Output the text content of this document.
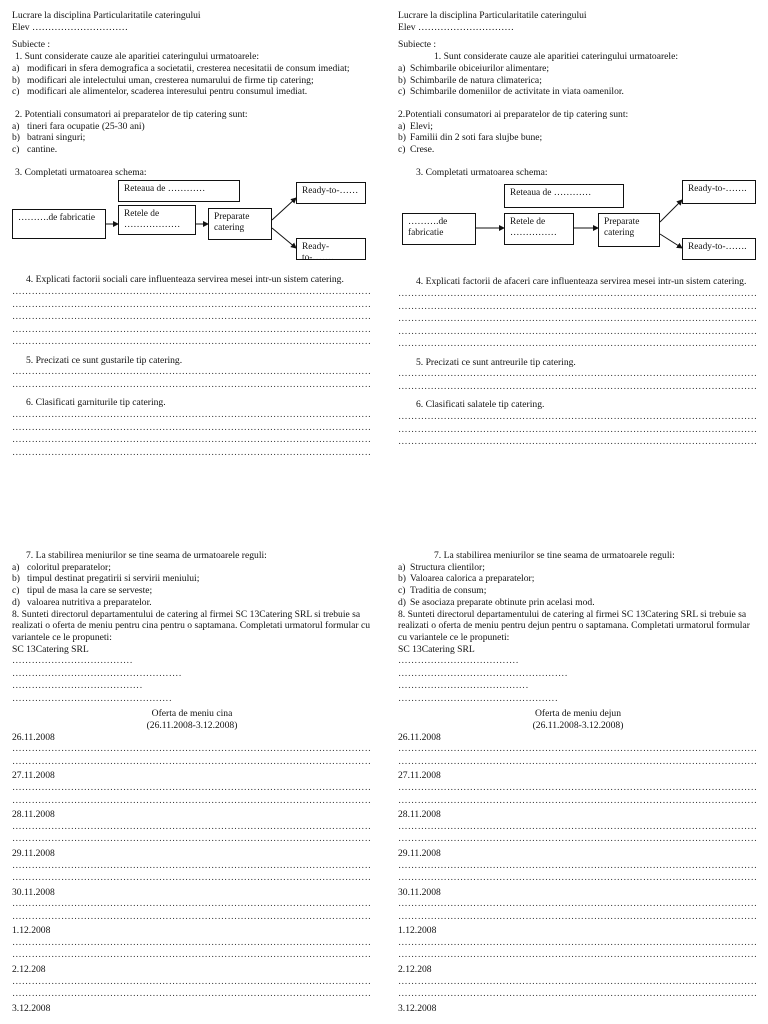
Lucrare la disciplina Particularitatile cateringului

Elev …………………………

Subiecte :

1. Sunt considerate cauze ale aparitiei cateringului urmatoarele:

a) modificari in sfera demografica a societatii, cresterea necesitatii de consum imediat;
b) modificari ale intelectului uman, cresterea numarului de firme tip catering;
c) modificari ale alimentelor, scaderea interesului pentru consumul imediat.

2. Potentiali consumatori ai preparatelor de tip catering sunt:

a) tineri fara ocupatie (25-30 ani)
b) batrani singuri;
c) cantine.

3. Completati urmatoarea schema:

……….de fabricatie	Retele de ………………
Reteaua de …………
Preparate catering
Ready-to-……
Ready-to-…….
4. Explicati factorii sociali care influenteaza servirea mesei intr-un sistem catering.
…………………………………………………………………………………………………………………………………………………………………………………………
…………………………………………………………………………………………………………………………………………………………………………………………
…………………………………………………………………………………………………………………………………………………………………………………………
…………………………………………………………………………………………………………………………………………………………………………………………
…………………………………………………………………………………………………………………………………………………………………………………………

5. Precizati ce sunt gustarile tip catering.

…………………………………………………………………………………………………………………………………………………………………………………………
…………………………………………………………………………………………………………………………………………………………………………………………

6. Clasificati garniturile tip catering.

…………………………………………………………………………………………………………………………………………………………………………………………
…………………………………………………………………………………………………………………………………………………………………………………………
…………………………………………………………………………………………………………………………………………………………………………………………
…………………………………………………………………………………………………………………………………………………………………………………………

7. La stabilirea meniurilor se tine seama de urmatoarele reguli:

a) coloritul preparatelor;
b) timpul destinat pregatirii si servirii meniului;
c) tipul de masa la care se serveste;
d) valoarea nutritiva a preparatelor.

8. Sunteti directorul departamentului de catering al firmei SC 13Catering SRL si trebuie sa realizati o oferta de meniu pentru cina pentru o saptamana. Completati urmatorul formular cu variantele ce le propuneti:

SC 13Catering SRL

…………………………………………………………………………………………………………………………………………………………………………………………
…………………………………………………………………………………………………………………………………………………………………………………………
…………………………………………………………………………………………………………………………………………………………………………………………
…………………………………………………………………………………………………………………………………………………………………………………………

Oferta de meniu cina

(26.11.2008-3.12.2008)

26.11.2008

…………………………………………………………………………………………………………………………………………………………………………………………
…………………………………………………………………………………………………………………………………………………………………………………………

27.11.2008

…………………………………………………………………………………………………………………………………………………………………………………………
…………………………………………………………………………………………………………………………………………………………………………………………

28.11.2008

…………………………………………………………………………………………………………………………………………………………………………………………
…………………………………………………………………………………………………………………………………………………………………………………………

29.11.2008

…………………………………………………………………………………………………………………………………………………………………………………………
…………………………………………………………………………………………………………………………………………………………………………………………

30.11.2008

…………………………………………………………………………………………………………………………………………………………………………………………
…………………………………………………………………………………………………………………………………………………………………………………………

1.12.2008

…………………………………………………………………………………………………………………………………………………………………………………………
…………………………………………………………………………………………………………………………………………………………………………………………

2.12.208

…………………………………………………………………………………………………………………………………………………………………………………………
…………………………………………………………………………………………………………………………………………………………………………………………

3.12.2008

Lucrare la disciplina Particularitatile cateringului

Elev …………………………

Subiecte :

1. Sunt considerate cauze ale aparitiei cateringului urmatoarele:

a) Schimbarile obiceiurilor alimentare;
b) Schimbarile de natura climaterica;
c) Schimbarile domeniilor de activitate in viata oamenilor.

2.Potentiali consumatori ai preparatelor de tip catering sunt:

a) Elevi;
b) Familii din 2 soti fara slujbe bune;
c) Crese.

3. Completati urmatoarea schema:

……….de fabricatie
Retele de ……………
Reteaua de …………
Preparate catering
Ready-to-…….
Ready-to-…….
4. Explicati factorii de afaceri care influenteaza servirea mesei intr-un sistem catering.
…………………………………………………………………………………………………………………………………………………………………………………………
…………………………………………………………………………………………………………………………………………………………………………………………
…………………………………………………………………………………………………………………………………………………………………………………………
…………………………………………………………………………………………………………………………………………………………………………………………
…………………………………………………………………………………………………………………………………………………………………………………………

5. Precizati ce sunt antreurile tip catering.

…………………………………………………………………………………………………………………………………………………………………………………………
…………………………………………………………………………………………………………………………………………………………………………………………

6. Clasificati salatele tip catering.

…………………………………………………………………………………………………………………………………………………………………………………………
…………………………………………………………………………………………………………………………………………………………………………………………
…………………………………………………………………………………………………………………………………………………………………………………………

7. La stabilirea meniurilor se tine seama de urmatoarele reguli:

a) Structura clientilor;
b) Valoarea calorica a preparatelor;
c) Traditia de consum;
d) Se asociaza preparate obtinute prin acelasi mod.

8. Sunteti directorul departamentului de catering al firmei SC 13Catering SRL si trebuie sa realizati o oferta de meniu pentru dejun pentru o saptamana. Completati urmatorul formular cu variantele ce le propuneti:

SC 13Catering SRL

…………………………………………………………………………………………………………………………………………………………………………………………
…………………………………………………………………………………………………………………………………………………………………………………………
…………………………………………………………………………………………………………………………………………………………………………………………
…………………………………………………………………………………………………………………………………………………………………………………………

Oferta de meniu dejun

(26.11.2008-3.12.2008)

26.11.2008

…………………………………………………………………………………………………………………………………………………………………………………………
…………………………………………………………………………………………………………………………………………………………………………………………

27.11.2008

…………………………………………………………………………………………………………………………………………………………………………………………
…………………………………………………………………………………………………………………………………………………………………………………………

28.11.2008

…………………………………………………………………………………………………………………………………………………………………………………………
…………………………………………………………………………………………………………………………………………………………………………………………

29.11.2008

…………………………………………………………………………………………………………………………………………………………………………………………
…………………………………………………………………………………………………………………………………………………………………………………………

30.11.2008

…………………………………………………………………………………………………………………………………………………………………………………………
…………………………………………………………………………………………………………………………………………………………………………………………

1.12.2008

…………………………………………………………………………………………………………………………………………………………………………………………
…………………………………………………………………………………………………………………………………………………………………………………………

2.12.208

…………………………………………………………………………………………………………………………………………………………………………………………
…………………………………………………………………………………………………………………………………………………………………………………………

3.12.2008
